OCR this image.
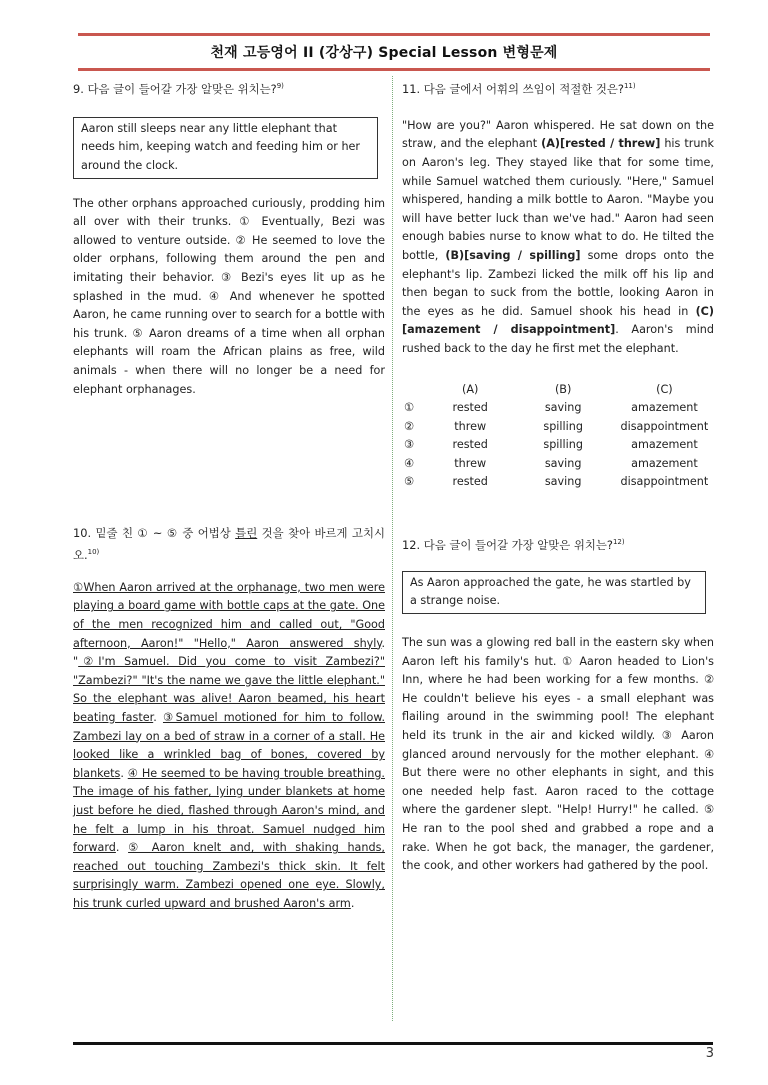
천재 고등영어 II (강상구) Special Lesson 변형문제

9. 다음 글이 들어갈 가장 알맞은 위치는?$^{9)}$

Aaron still sleeps near any little elephant that needs him, keeping watch and feeding him or her around the clock.
The other orphans approached curiously, prodding him all over with their trunks. ① Eventually, Bezi was allowed to venture outside. ② He seemed to love the older orphans, following them around the pen and imitating their behavior. ③ Bezi's eyes lit up as he splashed in the mud. ④ And whenever he spotted Aaron, he came running over to search for a bottle with his trunk. ⑤ Aaron dreams of a time when all orphan elephants will roam the African plains as free, wild animals - when there will no longer be a need for elephant orphanages.

10. 밑줄 친 ① ~ ⑤ 중 어법상 틀린 것을 찾아 바르게 고치시오.$^{10)}$

①When Aaron arrived at the orphanage, two men were playing a board game with bottle caps at the gate. One of the men recognized him and called out, "Good afternoon, Aaron!" "Hello," Aaron answered shyly. "②I'm Samuel. Did you come to visit Zambezi?" "Zambezi?" "It's the name we gave the little elephant." So the elephant was alive! Aaron beamed, his heart beating faster. ③Samuel motioned for him to follow. Zambezi lay on a bed of straw in a corner of a stall. He looked like a wrinkled bag of bones, covered by blankets. ④ He seemed to be having trouble breathing. The image of his father, lying under blankets at home just before he died, flashed through Aaron's mind, and he felt a lump in his throat. Samuel nudged him forward. ⑤ Aaron knelt and, with shaking hands, reached out touching Zambezi's thick skin. It felt surprisingly warm. Zambezi opened one eye. Slowly, his trunk curled upward and brushed Aaron's arm.

11. 다음 글에서 어휘의 쓰임이 적절한 것은?$^{11)}$

"How are you?" Aaron whispered. He sat down on the straw, and the elephant (A)[rested / threw] his trunk on Aaron's leg. They stayed like that for some time, while Samuel watched them curiously. "Here," Samuel whispered, handing a milk bottle to Aaron. "Maybe you will have better luck than we've had." Aaron had seen enough babies nurse to know what to do. He tilted the bottle, (B)[saving / spilling] some drops onto the elephant's lip. Zambezi licked the milk off his lip and then began to suck from the bottle, looking Aaron in the eyes as he did. Samuel shook his head in (C)[amazement / disappointment]. Aaron's mind rushed back to the day he first met the elephant.
	(A)	(B)	(C)
①	rested	saving	amazement
②	threw	spilling	disappointment
③	rested	spilling	amazement
④	threw	saving	amazement
⑤	rested	saving	disappointment

12. 다음 글이 들어갈 가장 알맞은 위치는?$^{12)}$

As Aaron approached the gate, he was startled by a strange noise.
The sun was a glowing red ball in the eastern sky when Aaron left his family's hut. ① Aaron headed to Lion's Inn, where he had been working for a few months. ② He couldn't believe his eyes - a small elephant was flailing around in the swimming pool! The elephant held its trunk in the air and kicked wildly. ③ Aaron glanced around nervously for the mother elephant. ④ But there were no other elephants in sight, and this one needed help fast. Aaron raced to the cottage where the gardener slept. "Help! Hurry!" he called. ⑤ He ran to the pool shed and grabbed a rope and a rake. When he got back, the manager, the gardener, the cook, and other workers had gathered by the pool.
3
